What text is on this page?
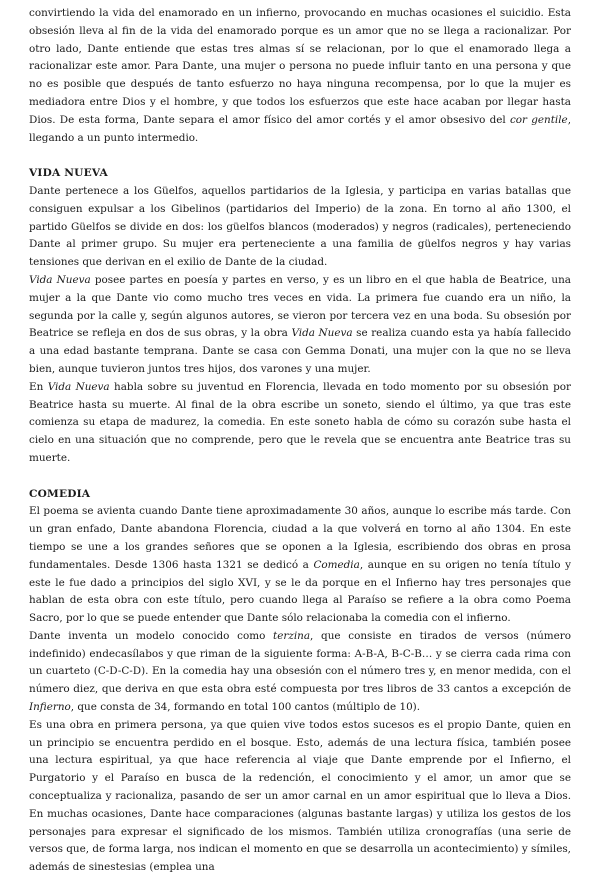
convirtiendo la vida del enamorado en un infierno, provocando en muchas ocasiones el suicidio. Esta obsesión lleva al fin de la vida del enamorado porque es un amor que no se llega a racionalizar. Por otro lado, Dante entiende que estas tres almas sí se relacionan, por lo que el enamorado llega a racionalizar este amor. Para Dante, una mujer o persona no puede influir tanto en una persona y que no es posible que después de tanto esfuerzo no haya ninguna recompensa, por lo que la mujer es mediadora entre Dios y el hombre, y que todos los esfuerzos que este hace acaban por llegar hasta Dios. De esta forma, Dante separa el amor físico del amor cortés y el amor obsesivo del cor gentile, llegando a un punto intermedio.

VIDA NUEVA

Dante pertenece a los Güelfos, aquellos partidarios de la Iglesia, y participa en varias batallas que consiguen expulsar a los Gibelinos (partidarios del Imperio) de la zona. En torno al año 1300, el partido Güelfos se divide en dos: los güelfos blancos (moderados) y negros (radicales), perteneciendo Dante al primer grupo. Su mujer era perteneciente a una familia de güelfos negros y hay varias tensiones que derivan en el exilio de Dante de la ciudad.

Vida Nueva posee partes en poesía y partes en verso, y es un libro en el que habla de Beatrice, una mujer a la que Dante vio como mucho tres veces en vida. La primera fue cuando era un niño, la segunda por la calle y, según algunos autores, se vieron por tercera vez en una boda. Su obsesión por Beatrice se refleja en dos de sus obras, y la obra Vida Nueva se realiza cuando esta ya había fallecido a una edad bastante temprana. Dante se casa con Gemma Donati, una mujer con la que no se lleva bien, aunque tuvieron juntos tres hijos, dos varones y una mujer.

En Vida Nueva habla sobre su juventud en Florencia, llevada en todo momento por su obsesión por Beatrice hasta su muerte. Al final de la obra escribe un soneto, siendo el último, ya que tras este comienza su etapa de madurez, la comedia. En este soneto habla de cómo su corazón sube hasta el cielo en una situación que no comprende, pero que le revela que se encuentra ante Beatrice tras su muerte.

COMEDIA

El poema se avienta cuando Dante tiene aproximadamente 30 años, aunque lo escribe más tarde. Con un gran enfado, Dante abandona Florencia, ciudad a la que volverá en torno al año 1304. En este tiempo se une a los grandes señores que se oponen a la Iglesia, escribiendo dos obras en prosa fundamentales. Desde 1306 hasta 1321 se dedicó a Comedia, aunque en su origen no tenía título y este le fue dado a principios del siglo XVI, y se le da porque en el Infierno hay tres personajes que hablan de esta obra con este título, pero cuando llega al Paraíso se refiere a la obra como Poema Sacro, por lo que se puede entender que Dante sólo relacionaba la comedia con el infierno.

Dante inventa un modelo conocido como terzina, que consiste en tirados de versos (número indefinido) endecasílabos y que riman de la siguiente forma: A-B-A, B-C-B… y se cierra cada rima con un cuarteto (C-D-C-D). En la comedia hay una obsesión con el número tres y, en menor medida, con el número diez, que deriva en que esta obra esté compuesta por tres libros de 33 cantos a excepción de Infierno, que consta de 34, formando en total 100 cantos (múltiplo de 10).

Es una obra en primera persona, ya que quien vive todos estos sucesos es el propio Dante, quien en un principio se encuentra perdido en el bosque. Esto, además de una lectura física, también posee una lectura espiritual, ya que hace referencia al viaje que Dante emprende por el Infierno, el Purgatorio y el Paraíso en busca de la redención, el conocimiento y el amor, un amor que se conceptualiza y racionaliza, pasando de ser un amor carnal en un amor espiritual que lo lleva a Dios. En muchas ocasiones, Dante hace comparaciones (algunas bastante largas) y utiliza los gestos de los personajes para expresar el significado de los mismos. También utiliza cronografías (una serie de versos que, de forma larga, nos indican el momento en que se desarrolla un acontecimiento) y símiles, además de sinestesias (emplea una
